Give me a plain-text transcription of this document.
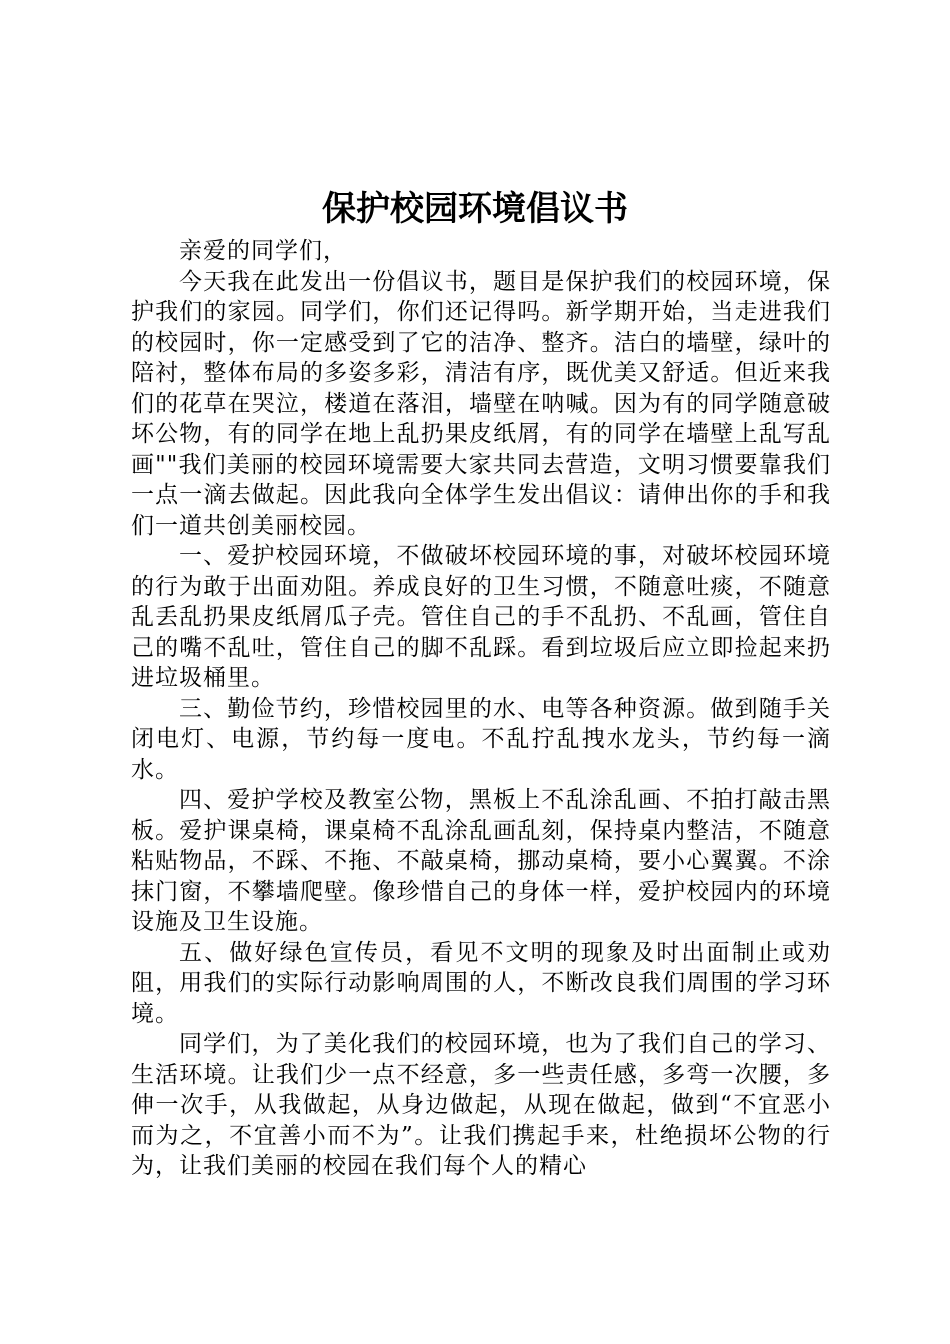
保护校园环境倡议书

亲爱的同学们，

今天我在此发出一份倡议书，题目是保护我们的校园环境，保护我们的家园。同学们，你们还记得吗。新学期开始，当走进我们的校园时，你一定感受到了它的洁净、整齐。洁白的墙壁，绿叶的陪衬，整体布局的多姿多彩，清洁有序，既优美又舒适。但近来我们的花草在哭泣，楼道在落泪，墙壁在呐喊。因为有的同学随意破坏公物，有的同学在地上乱扔果皮纸屑，有的同学在墙壁上乱写乱画""我们美丽的校园环境需要大家共同去营造，文明习惯要靠我们一点一滴去做起。因此我向全体学生发出倡议：请伸出你的手和我们一道共创美丽校园。

一、爱护校园环境，不做破坏校园环境的事，对破坏校园环境的行为敢于出面劝阻。养成良好的卫生习惯，不随意吐痰，不随意乱丢乱扔果皮纸屑瓜子壳。管住自己的手不乱扔、不乱画，管住自己的嘴不乱吐，管住自己的脚不乱踩。看到垃圾后应立即捡起来扔进垃圾桶里。

三、勤俭节约，珍惜校园里的水、电等各种资源。做到随手关闭电灯、电源，节约每一度电。不乱拧乱拽水龙头，节约每一滴水。

四、爱护学校及教室公物，黑板上不乱涂乱画、不拍打敲击黑板。爱护课桌椅，课桌椅不乱涂乱画乱刻，保持桌内整洁，不随意粘贴物品，不踩、不拖、不敲桌椅，挪动桌椅，要小心翼翼。不涂抹门窗，不攀墙爬壁。像珍惜自己的身体一样，爱护校园内的环境设施及卫生设施。

五、做好绿色宣传员，看见不文明的现象及时出面制止或劝阻，用我们的实际行动影响周围的人，不断改良我们周围的学习环境。

同学们，为了美化我们的校园环境，也为了我们自己的学习、生活环境。让我们少一点不经意，多一些责任感，多弯一次腰，多伸一次手，从我做起，从身边做起，从现在做起，做到“不宜恶小而为之，不宜善小而不为”。让我们携起手来，杜绝损坏公物的行为，让我们美丽的校园在我们每个人的精心
